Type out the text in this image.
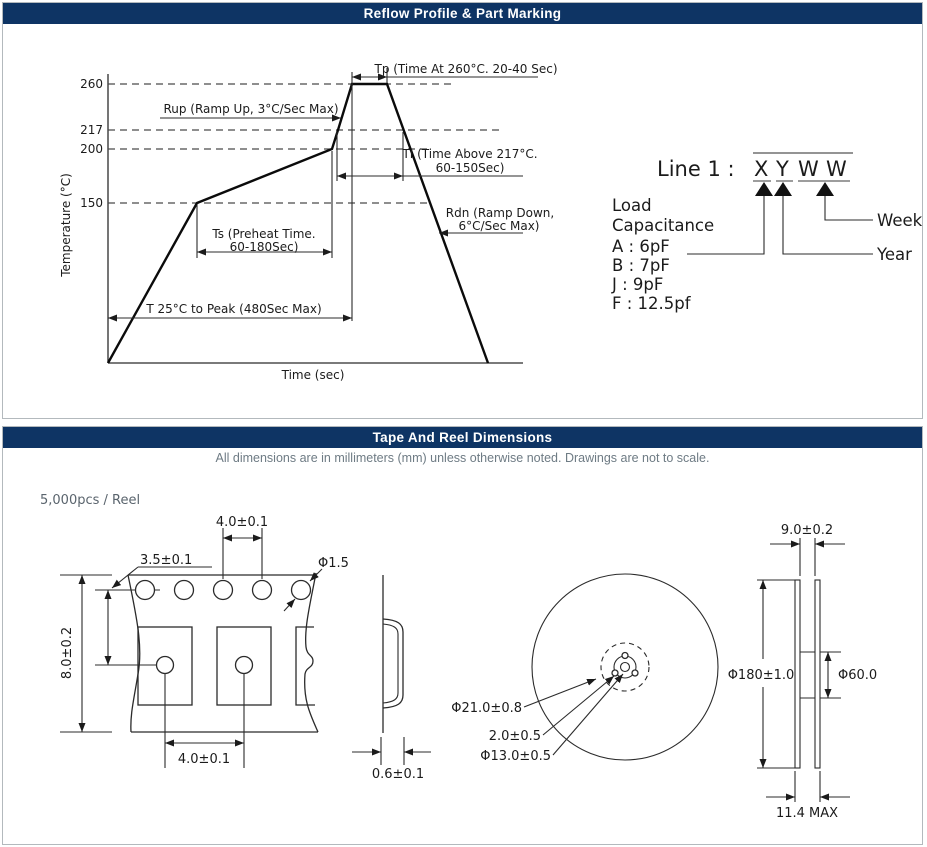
Reflow Profile & Part Marking
Tape And Reel Dimensions
All dimensions are in millimeters (mm) unless otherwise noted. Drawings are not to scale.
260
217
200
150
Temperature (°C)
Time (sec)
Tp (Time At 260°C. 20-40 Sec)
Rup (Ramp Up, 3°C/Sec Max)
TI (Time Above 217°C.
60-150Sec)
Rdn (Ramp Down,
6°C/Sec Max)
Ts (Preheat Time.
60-180Sec)
T 25°C to Peak (480Sec Max)
Line 1 : X Y W W
Load
Capacitance
A : 6pF
B : 7pF
J : 9pF
F : 12.5pf
Week
Year
5,000pcs / Reel
4.0±0.1
3.5±0.1	Φ1.5
8.0±0.2
4.0±0.1
0.6±0.1
Φ21.0±0.8
2.0±0.5
Φ13.0±0.5
9.0±0.2
Φ180±1.0	Φ60.0
11.4 MAX
